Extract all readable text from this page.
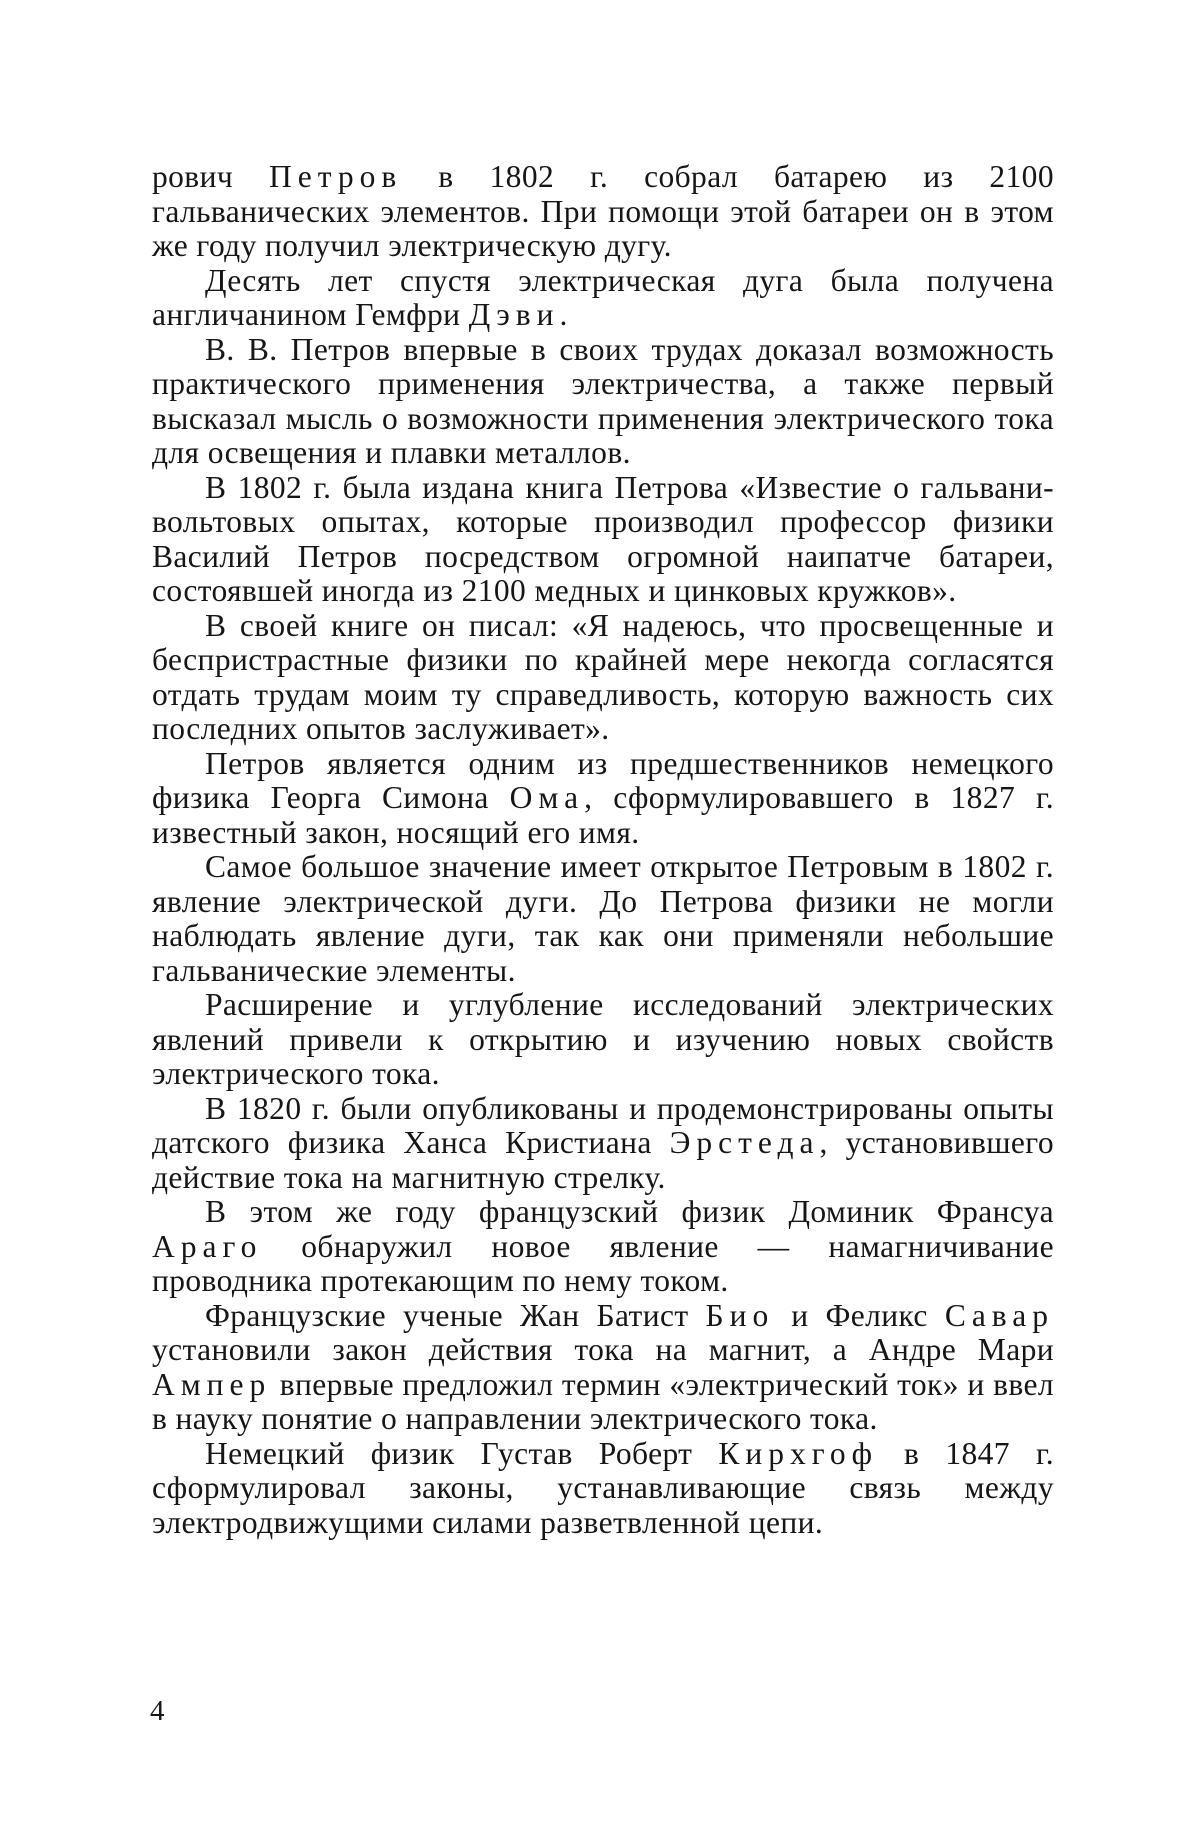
рович Петров в 1802 г. собрал батарею из 2100 гальванических элементов. При помощи этой батареи он в этом же году получил электрическую дугу.

Десять лет спустя электрическая дуга была получена англичанином Гемфри Дэви.

В. В. Петров впервые в своих трудах доказал возможность практического применения электричества, а также первый высказал мысль о возможности применения электрического тока для освещения и плавки металлов.

В 1802 г. была издана книга Петрова «Известие о гальвани-вольтовых опытах, которые производил профессор физики Василий Петров посредством огромной наипатче батареи, состоявшей иногда из 2100 медных и цинковых кружков».

В своей книге он писал: «Я надеюсь, что просвещенные и беспристрастные физики по крайней мере некогда согласятся отдать трудам моим ту справедливость, которую важность сих последних опытов заслуживает».

Петров является одним из предшественников немецкого физика Георга Симона Ома, сформулировавшего в 1827 г. известный закон, носящий его имя.

Самое большое значение имеет открытое Петровым в 1802 г. явление электрической дуги. До Петрова физики не могли наблюдать явление дуги, так как они применяли небольшие гальванические элементы.

Расширение и углубление исследований электрических явлений привели к открытию и изучению новых свойств электрического тока.

В 1820 г. были опубликованы и продемонстрированы опыты датского физика Ханса Кристиана Эрстеда, установившего действие тока на магнитную стрелку.

В этом же году французский физик Доминик Франсуа Араго обнаружил новое явление — намагничивание проводника протекающим по нему током.

Французские ученые Жан Батист Био и Феликс Савар установили закон действия тока на магнит, а Андре Мари Ампер впервые предложил термин «электрический ток» и ввел в науку понятие о направлении электрического тока.

Немецкий физик Густав Роберт Кирхгоф в 1847 г. сформулировал законы, устанавливающие связь между электродвижущими силами разветвленной цепи.

4
